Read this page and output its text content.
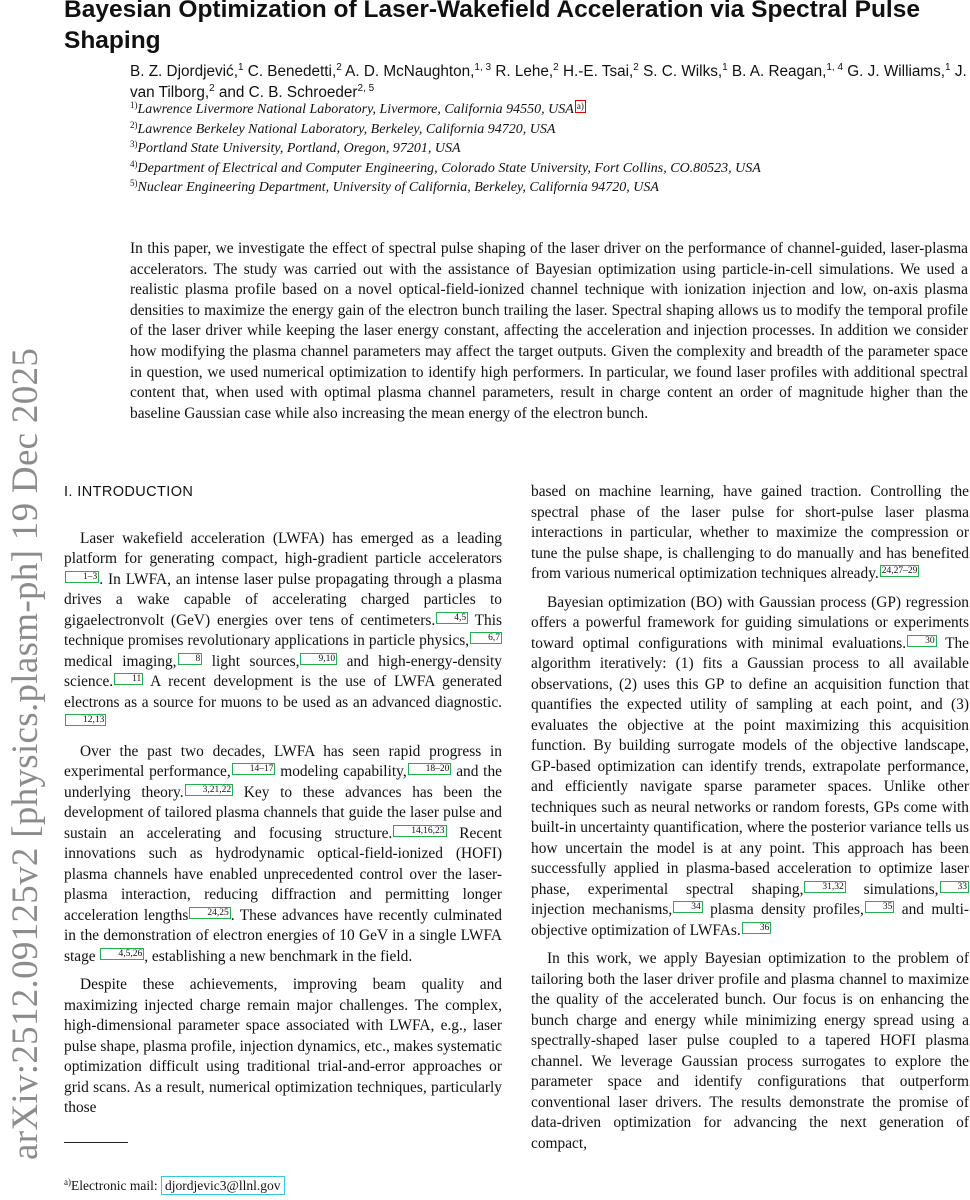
arXiv:2512.09125v2 [physics.plasm-ph] 19 Dec 2025
Bayesian Optimization of Laser-Wakefield Acceleration via Spectral Pulse Shaping
B. Z. Djordjević,$^1$ C. Benedetti,$^2$ A. D. McNaughton,$^{1, 3}$ R. Lehe,$^2$ H.-E. Tsai,$^2$ S. C. Wilks,$^1$ B. A. Reagan,$^{1, 4}$ G. J. Williams,$^1$ J. van Tilborg,$^2$ and C. B. Schroeder$^{2, 5}$
$^{1)}$Lawrence Livermore National Laboratory, Livermore, California 94550, USA a)
$^{2)}$Lawrence Berkeley National Laboratory, Berkeley, California 94720, USA
$^{3)}$Portland State University, Portland, Oregon, 97201, USA
$^{4)}$Department of Electrical and Computer Engineering, Colorado State University, Fort Collins, CO.80523, USA
$^{5)}$Nuclear Engineering Department, University of California, Berkeley, California 94720, USA

In this paper, we investigate the effect of spectral pulse shaping of the laser driver on the performance of channel-guided, laser-plasma accelerators. The study was carried out with the assistance of Bayesian optimization using particle-in-cell simulations. We used a realistic plasma profile based on a novel optical-field-ionized channel technique with ionization injection and low, on-axis plasma densities to maximize the energy gain of the electron bunch trailing the laser. Spectral shaping allows us to modify the temporal profile of the laser driver while keeping the laser energy constant, affecting the acceleration and injection processes. In addition we consider how modifying the plasma channel parameters may affect the target outputs. Given the complexity and breadth of the parameter space in question, we used numerical optimization to identify high performers. In particular, we found laser profiles with additional spectral content that, when used with optimal plasma channel parameters, result in charge content an order of magnitude higher than the baseline Gaussian case while also increasing the mean energy of the electron bunch.

I. INTRODUCTION

Laser wakefield acceleration (LWFA) has emerged as a leading platform for generating compact, high-gradient particle accelerators1–3 . In LWFA, an intense laser pulse propagating through a plasma drives a wake capable of accelerating charged particles to gigaelectronvolt (GeV) energies over tens of centimeters. 4,5 This technique promises revolutionary applications in particle physics, 6,7 medical imaging, 8 light sources, 9,10 and high-energy-density science. 11 A recent development is the use of LWFA generated electrons as a source for muons to be used as an advanced diagnostic.12,13

Over the past two decades, LWFA has seen rapid progress in experimental performance, 14–17 modeling capability, 18–20 and the underlying theory. 3,21,22 Key to these advances has been the development of tailored plasma channels that guide the laser pulse and sustain an accelerating and focusing structure. 14,16,23 Recent innovations such as hydrodynamic optical-field-ionized (HOFI) plasma channels have enabled unprecedented control over the laser-plasma interaction, reducing diffraction and permitting longer acceleration lengths 24,25 . These advances have recently culminated in the demonstration of electron energies of 10 GeV in a single LWFA stage 4,5,26 , establishing a new benchmark in the field.

Despite these achievements, improving beam quality and maximizing injected charge remain major challenges. The complex, high-dimensional parameter space associated with LWFA, e.g., laser pulse shape, plasma profile, injection dynamics, etc., makes systematic optimization difficult using traditional trial-and-error approaches or grid scans. As a result, numerical optimization techniques, particularly those

based on machine learning, have gained traction. Controlling the spectral phase of the laser pulse for short-pulse laser plasma interactions in particular, whether to maximize the compression or tune the pulse shape, is challenging to do manually and has benefited from various numerical optimization techniques already. 24,27–29

Bayesian optimization (BO) with Gaussian process (GP) regression offers a powerful framework for guiding simulations or experiments toward optimal configurations with minimal evaluations. 30 The algorithm iteratively: (1) fits a Gaussian process to all available observations, (2) uses this GP to define an acquisition function that quantifies the expected utility of sampling at each point, and (3) evaluates the objective at the point maximizing this acquisition function. By building surrogate models of the objective landscape, GP-based optimization can identify trends, extrapolate performance, and efficiently navigate sparse parameter spaces. Unlike other techniques such as neural networks or random forests, GPs come with built-in uncertainty quantification, where the posterior variance tells us how uncertain the model is at any point. This approach has been successfully applied in plasma-based acceleration to optimize laser phase, experimental spectral shaping, 31,32 simulations, 33 injection mechanisms, 34 plasma density profiles, 35 and multi-objective optimization of LWFAs. 36

In this work, we apply Bayesian optimization to the problem of tailoring both the laser driver profile and plasma channel to maximize the quality of the accelerated bunch. Our focus is on enhancing the bunch charge and energy while minimizing energy spread using a spectrally-shaped laser pulse coupled to a tapered HOFI plasma channel. We leverage Gaussian process surrogates to explore the parameter space and identify configurations that outperform conventional laser drivers. The results demonstrate the promise of data-driven optimization for advancing the next generation of compact,

$^{a)}$Electronic mail: djordjevic3@llnl.gov
